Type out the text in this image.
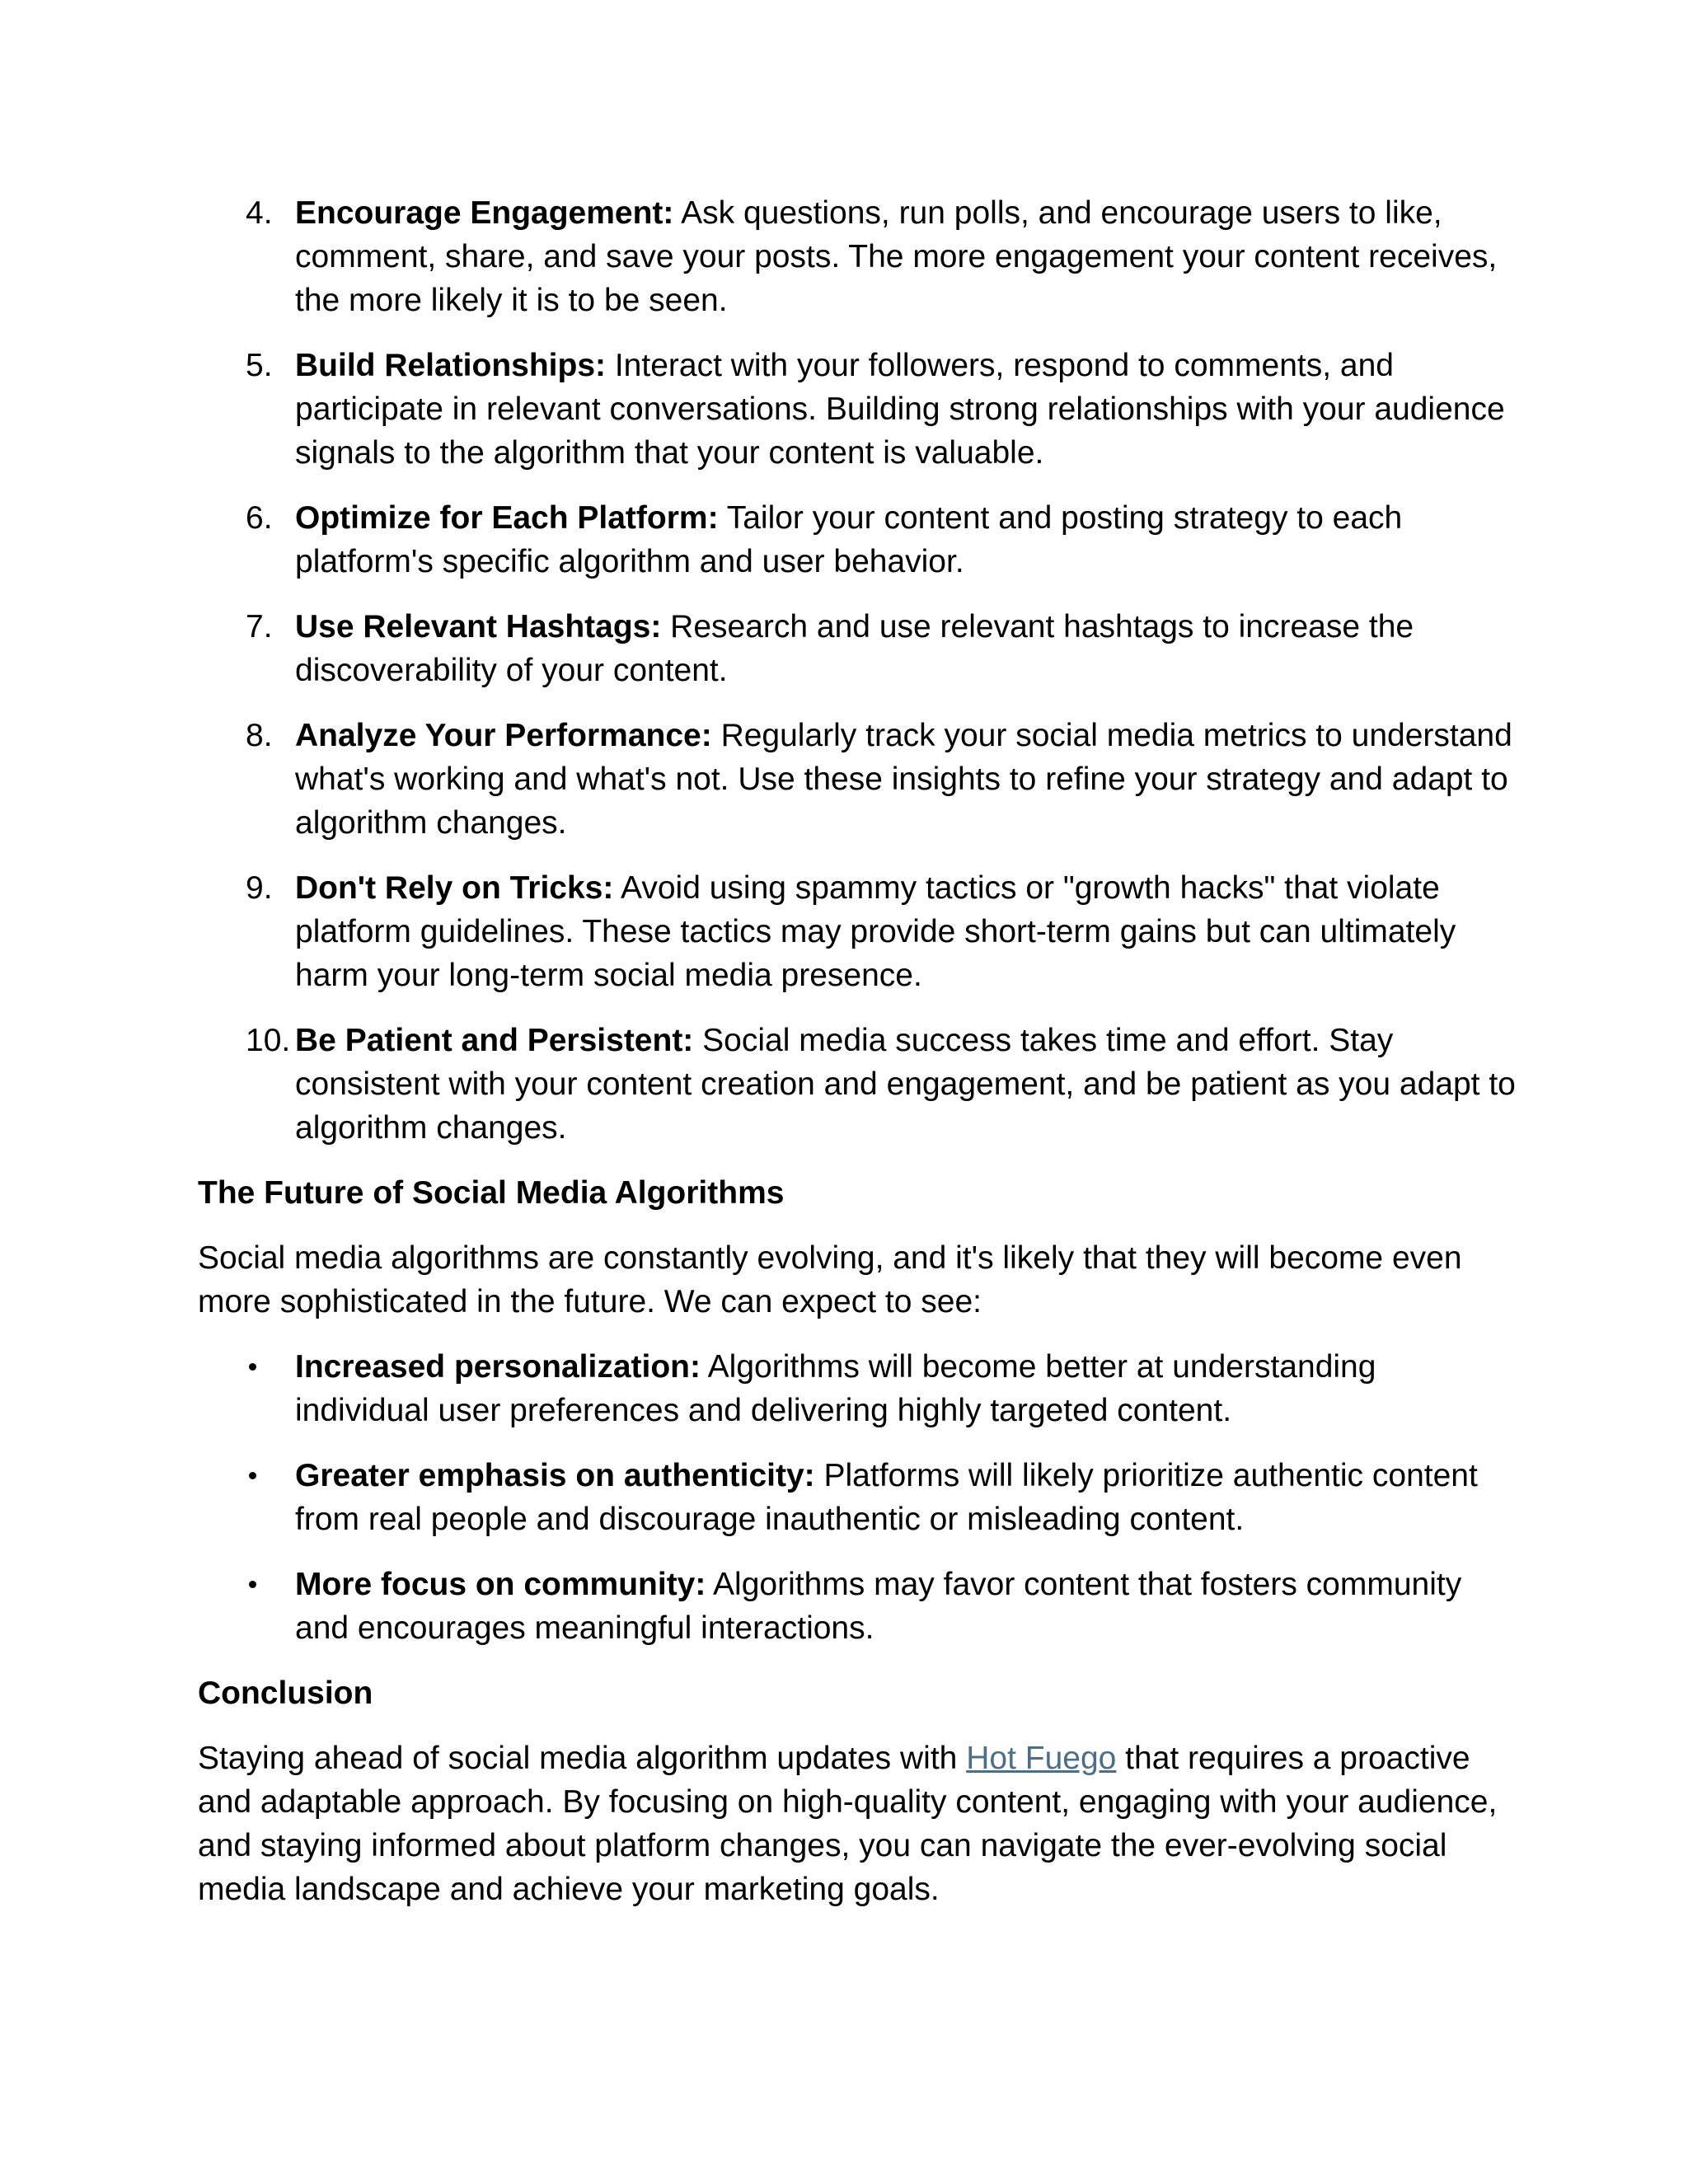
4. Encourage Engagement: Ask questions, run polls, and encourage users to like, comment, share, and save your posts. The more engagement your content receives, the more likely it is to be seen.
5. Build Relationships: Interact with your followers, respond to comments, and participate in relevant conversations. Building strong relationships with your audience signals to the algorithm that your content is valuable.
6. Optimize for Each Platform: Tailor your content and posting strategy to each platform's specific algorithm and user behavior.
7. Use Relevant Hashtags: Research and use relevant hashtags to increase the discoverability of your content.
8. Analyze Your Performance: Regularly track your social media metrics to understand what's working and what's not. Use these insights to refine your strategy and adapt to algorithm changes.
9. Don't Rely on Tricks: Avoid using spammy tactics or "growth hacks" that violate platform guidelines. These tactics may provide short-term gains but can ultimately harm your long-term social media presence.
10. Be Patient and Persistent: Social media success takes time and effort. Stay consistent with your content creation and engagement, and be patient as you adapt to algorithm changes.
The Future of Social Media Algorithms

Social media algorithms are constantly evolving, and it's likely that they will become even more sophisticated in the future. We can expect to see:

Increased personalization: Algorithms will become better at understanding individual user preferences and delivering highly targeted content.
Greater emphasis on authenticity: Platforms will likely prioritize authentic content from real people and discourage inauthentic or misleading content.
More focus on community: Algorithms may favor content that fosters community and encourages meaningful interactions.
Conclusion

Staying ahead of social media algorithm updates with Hot Fuego that requires a proactive and adaptable approach. By focusing on high-quality content, engaging with your audience, and staying informed about platform changes, you can navigate the ever-evolving social media landscape and achieve your marketing goals.
